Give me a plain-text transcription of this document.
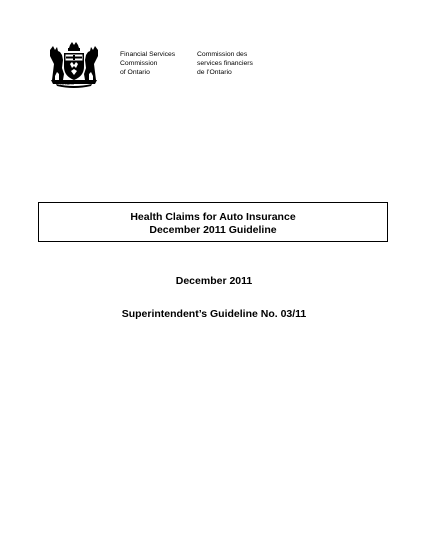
Ontario
Financial Services
Commission
of Ontario
Commission des
services financiers
de l’Ontario
Health Claims for Auto Insurance
December 2011 Guideline
December 2011
Superintendent’s Guideline No. 03/11
